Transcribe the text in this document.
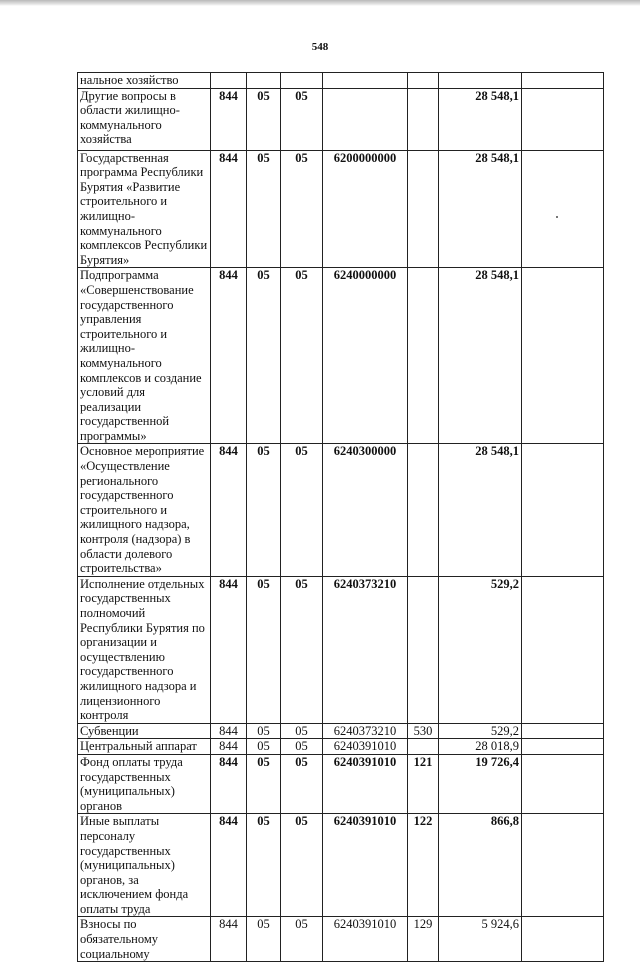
548
нальное хозяйство							
Другие вопросы в области жилищно-коммунального хозяйства	844	05	05			28 548,1	
Государственная программа Республики Бурятия «Развитие строительного и жилищно-коммунального комплексов Республики Бурятия»	844	05	05	6200000000		28 548,1	
Подпрограмма «Совершенствование государственного управления строительного и жилищно-коммунального комплексов и создание условий для реализации государственной программы»	844	05	05	6240000000		28 548,1	
Основное мероприятие «Осуществление регионального государственного строительного и жилищного надзора, контроля (надзора) в области долевого строительства»	844	05	05	6240300000		28 548,1	
Исполнение отдельных государственных полномочий Республики Бурятия по организации и осуществлению государственного жилищного надзора и лицензионного контроля	844	05	05	6240373210		529,2	
Субвенции	844	05	05	6240373210	530	529,2	
Центральный аппарат	844	05	05	6240391010		28 018,9	
Фонд оплаты труда государственных (муниципальных) органов	844	05	05	6240391010	121	19 726,4	
Иные выплаты персоналу государственных (муниципальных) органов, за исключением фонда оплаты труда	844	05	05	6240391010	122	866,8	
Взносы по обязательному социальному	844	05	05	6240391010	129	5 924,6	
